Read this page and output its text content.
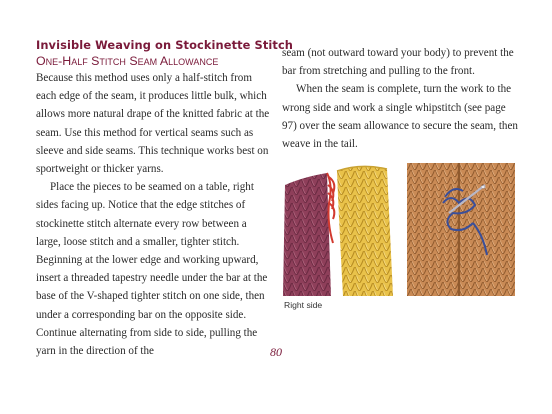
Invisible Weaving on Stockinette Stitch
One-Half Stitch Seam Allowance

Because this method uses only a half-stitch from each edge of the seam, it produces little bulk, which allows more natural drape of the knitted fabric at the seam. Use this method for vertical seams such as sleeve and side seams. This technique works best on sportweight or thicker yarns.

Place the pieces to be seamed on a table, right sides facing up. Notice that the edge stitches of stockinette stitch alternate every row between a large, loose stitch and a smaller, tighter stitch. Beginning at the lower edge and working upward, insert a threaded tapestry needle under the bar at the base of the V-shaped tighter stitch on one side, then under a corresponding bar on the opposite side. Continue alternating from side to side, pulling the yarn in the direction of the

seam (not outward toward your body) to prevent the bar from stretching and pulling to the front.

When the seam is complete, turn the work to the wrong side and work a single whipstitch (see page 97) over the seam allowance to secure the seam, then weave in the tail.

Right side
80
